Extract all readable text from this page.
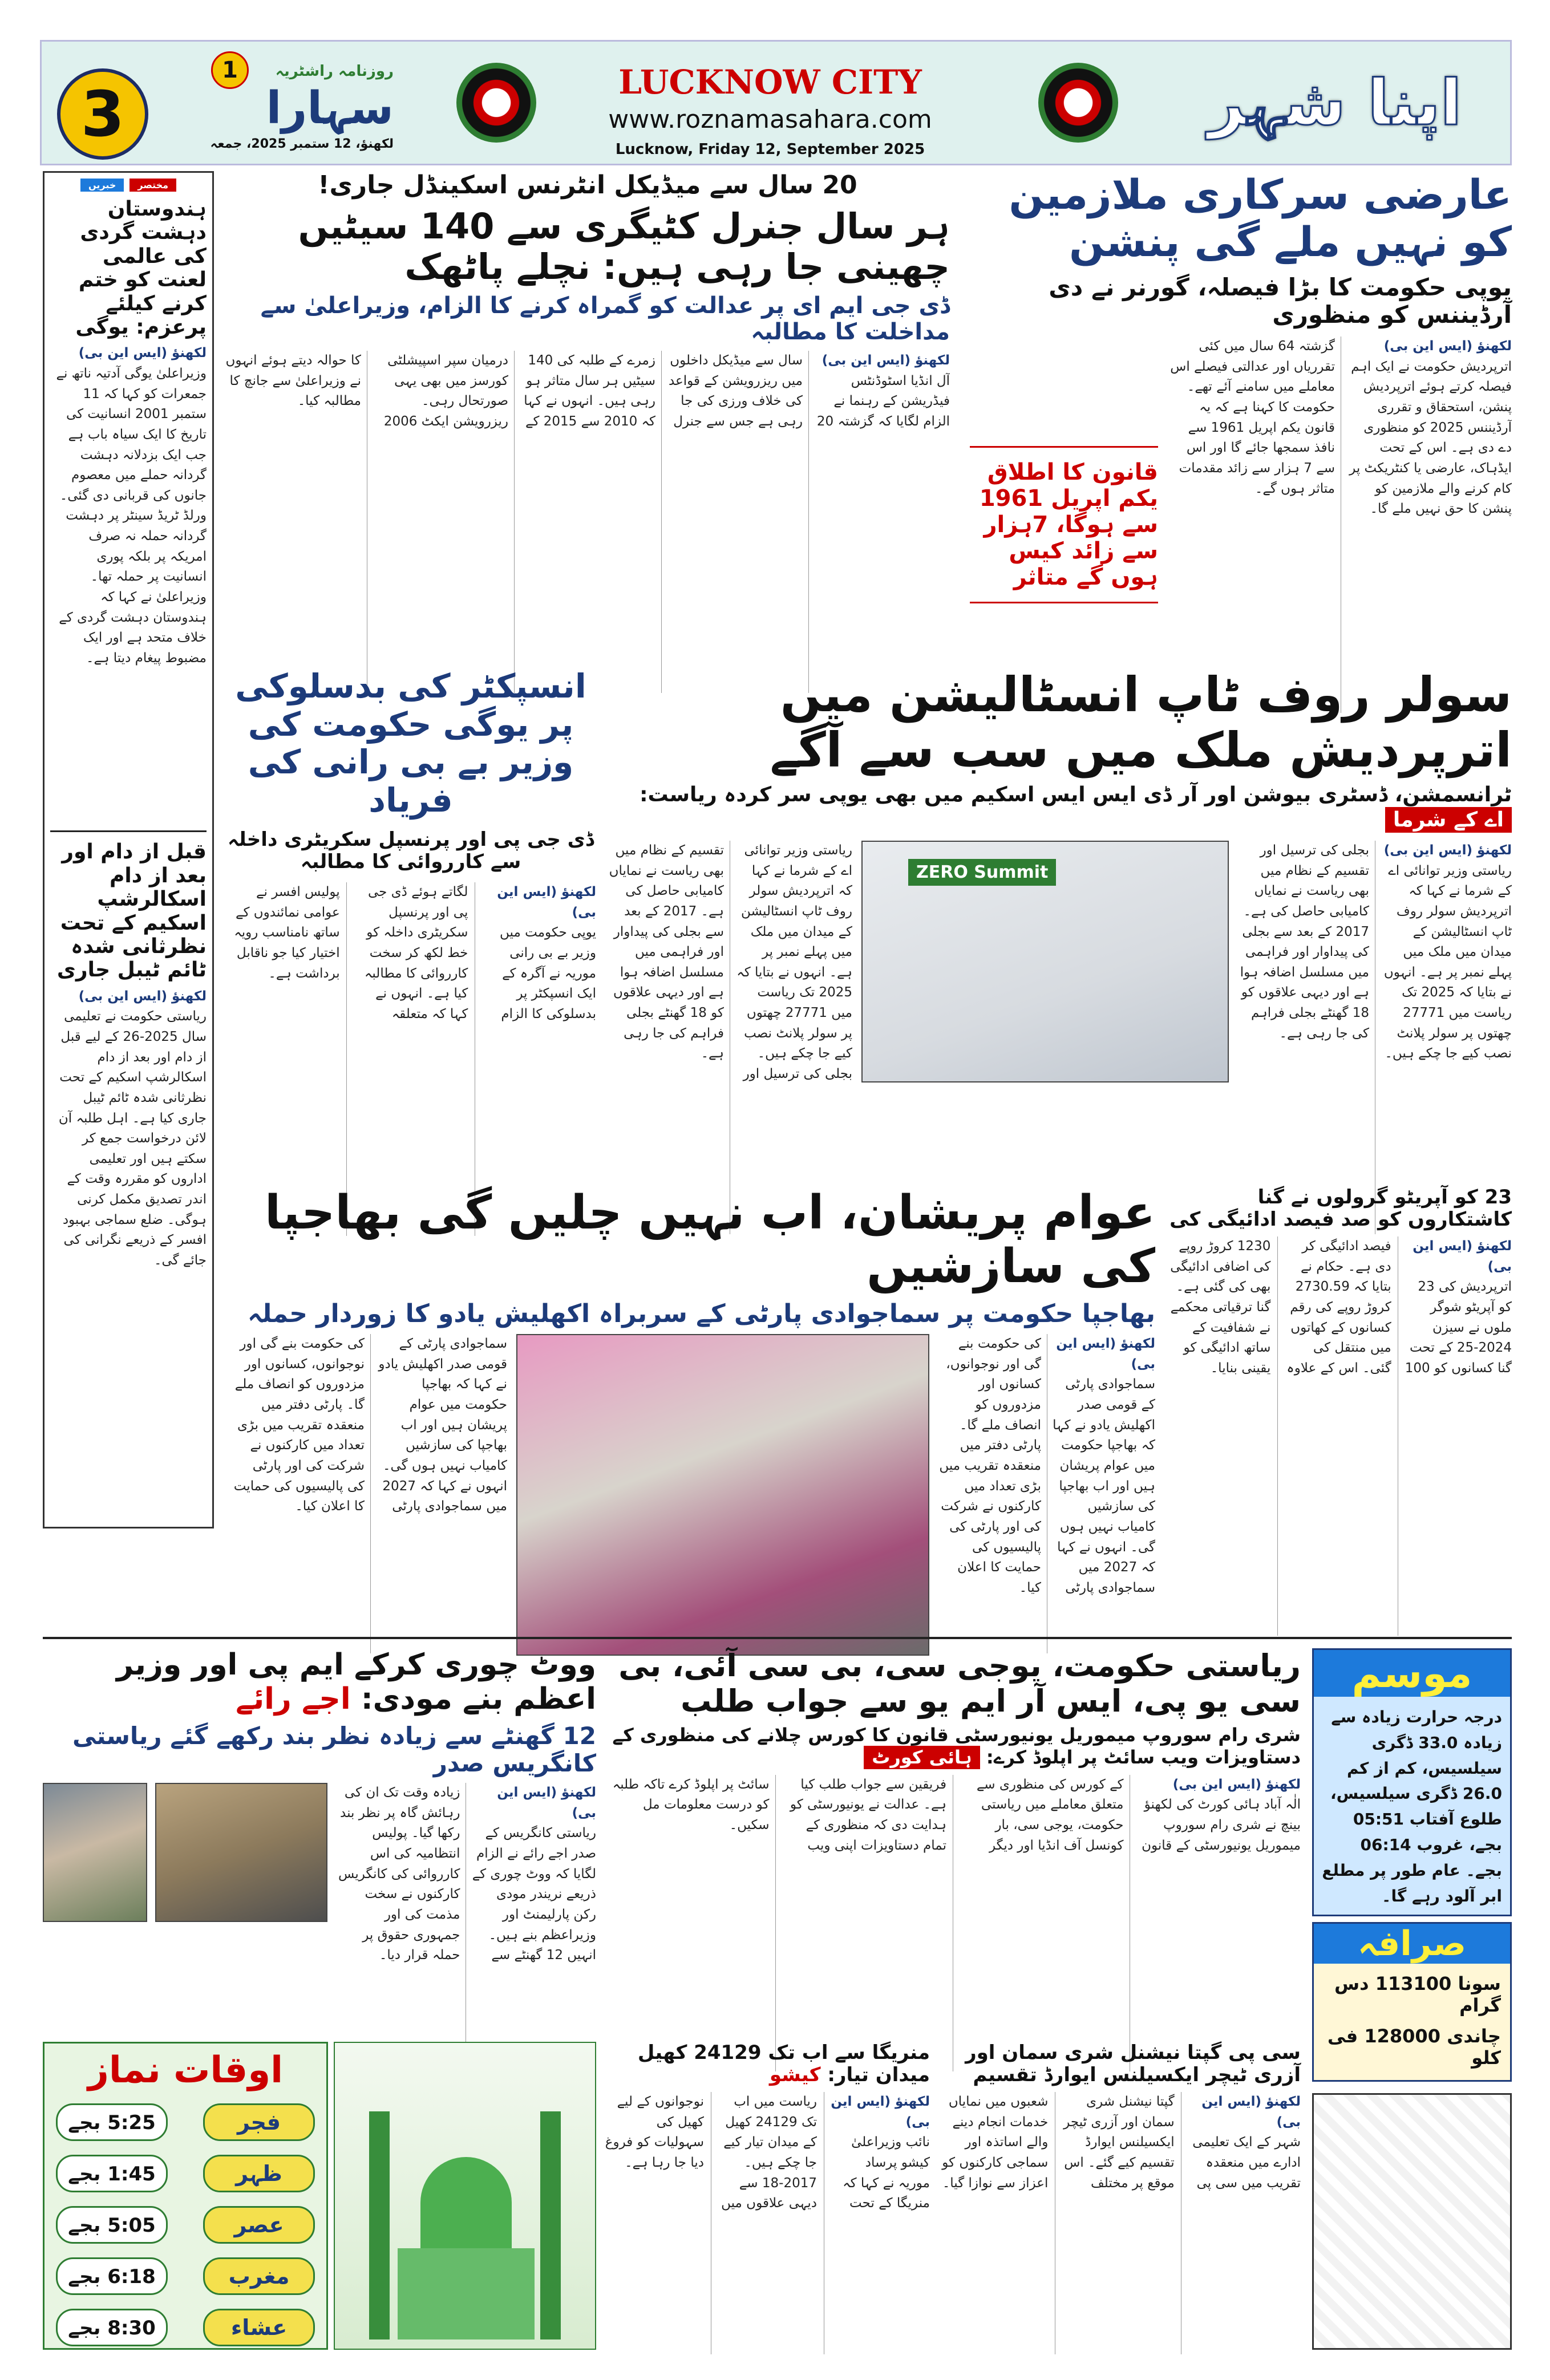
3
1	روزنامہ راشٹریہ
سہارا
لکھنؤ، 12 ستمبر 2025، جمعہ
LUCKNOW CITY
www.roznamasahara.com
Lucknow, Friday 12, September 2025
اپنا شہر
مختصر
خبریں
ہندوستان دہشت گردی کی عالمی لعنت کو ختم کرنے کیلئے پرعزم: یوگی
لکھنؤ (ایس این بی)
وزیراعلیٰ یوگی آدتیہ ناتھ نے جمعرات کو کہا کہ 11 ستمبر 2001 انسانیت کی تاریخ کا ایک سیاہ باب ہے جب ایک بزدلانہ دہشت گردانہ حملے میں معصوم جانوں کی قربانی دی گئی۔ ورلڈ ٹریڈ سینٹر پر دہشت گردانہ حملہ نہ صرف امریکہ پر بلکہ پوری انسانیت پر حملہ تھا۔ وزیراعلیٰ نے کہا کہ ہندوستان دہشت گردی کے خلاف متحد ہے اور ایک مضبوط پیغام دیتا ہے۔
قبل از دام اور بعد از دام اسکالرشپ اسکیم کے تحت نظرثانی شدہ ٹائم ٹیبل جاری
لکھنؤ (ایس این بی)
ریاستی حکومت نے تعلیمی سال 2025-26 کے لیے قبل از دام اور بعد از دام اسکالرشپ اسکیم کے تحت نظرثانی شدہ ٹائم ٹیبل جاری کیا ہے۔ اہل طلبہ آن لائن درخواست جمع کر سکتے ہیں اور تعلیمی اداروں کو مقررہ وقت کے اندر تصدیق مکمل کرنی ہوگی۔ ضلع سماجی بہبود افسر کے ذریعے نگرانی کی جائے گی۔
عارضی سرکاری ملازمین کو نہیں ملے گی پنشن
یوپی حکومت کا بڑا فیصلہ، گورنر نے دی آرڈیننس کو منظوری
لکھنؤ (ایس این بی)
اترپردیش حکومت نے ایک اہم فیصلہ کرتے ہوئے اترپردیش پنشن، استحقاق و تقرری آرڈیننس 2025 کو منظوری دے دی ہے۔ اس کے تحت ایڈہاک، عارضی یا کنٹریکٹ پر کام کرنے والے ملازمین کو پنشن کا حق نہیں ملے گا۔ گزشتہ 64 سال میں کئی تقرریاں اور عدالتی فیصلے اس معاملے میں سامنے آئے تھے۔ حکومت کا کہنا ہے کہ یہ قانون یکم اپریل 1961 سے نافذ سمجھا جائے گا اور اس سے 7 ہزار سے زائد مقدمات متاثر ہوں گے۔
قانون کا اطلاق یکم اپریل 1961 سے ہوگا، 7ہزار سے زائد کیس ہوں گے متاثر
20 سال سے میڈیکل انٹرنس اسکینڈل جاری!
ہر سال جنرل کٹیگری سے 140 سیٹیں چھینی جا رہی ہیں: نچلے پاٹھک
ڈی جی ایم ای پر عدالت کو گمراہ کرنے کا الزام، وزیراعلیٰ سے مداخلت کا مطالبہ
لکھنؤ (ایس این بی)
آل انڈیا اسٹوڈنٹس فیڈریشن کے رہنما نے الزام لگایا کہ گزشتہ 20 سال سے میڈیکل داخلوں میں ریزرویشن کے قواعد کی خلاف ورزی کی جا رہی ہے جس سے جنرل زمرے کے طلبہ کی 140 سیٹیں ہر سال متاثر ہو رہی ہیں۔ انہوں نے کہا کہ 2010 سے 2015 کے درمیان سپر اسپیشلٹی کورسز میں بھی یہی صورتحال رہی۔ ریزرویشن ایکٹ 2006 کا حوالہ دیتے ہوئے انہوں نے وزیراعلیٰ سے جانچ کا مطالبہ کیا۔
سولر روف ٹاپ انسٹالیشن میں اترپردیش ملک میں سب سے آگے
ٹرانسمشن، ڈسٹری بیوشن اور آر ڈی ایس ایس اسکیم میں بھی یوپی سر کردہ ریاست: اے کے شرما
لکھنؤ (ایس این بی)
ریاستی وزیر توانائی اے کے شرما نے کہا کہ اترپردیش سولر روف ٹاپ انسٹالیشن کے میدان میں ملک میں پہلے نمبر پر ہے۔ انہوں نے بتایا کہ 2025 تک ریاست میں 27771 چھتوں پر سولر پلانٹ نصب کیے جا چکے ہیں۔ بجلی کی ترسیل اور تقسیم کے نظام میں بھی ریاست نے نمایاں کامیابی حاصل کی ہے۔ 2017 کے بعد سے بجلی کی پیداوار اور فراہمی میں مسلسل اضافہ ہوا ہے اور دیہی علاقوں کو 18 گھنٹے بجلی فراہم کی جا رہی ہے۔
ZERO Summit
ریاستی وزیر توانائی اے کے شرما نے کہا کہ اترپردیش سولر روف ٹاپ انسٹالیشن کے میدان میں ملک میں پہلے نمبر پر ہے۔ انہوں نے بتایا کہ 2025 تک ریاست میں 27771 چھتوں پر سولر پلانٹ نصب کیے جا چکے ہیں۔ بجلی کی ترسیل اور تقسیم کے نظام میں بھی ریاست نے نمایاں کامیابی حاصل کی ہے۔ 2017 کے بعد سے بجلی کی پیداوار اور فراہمی میں مسلسل اضافہ ہوا ہے اور دیہی علاقوں کو 18 گھنٹے بجلی فراہم کی جا رہی ہے۔
انسپکٹر کی بدسلوکی پر یوگی حکومت کی وزیر بے بی رانی کی فریاد
ڈی جی پی اور پرنسپل سکریٹری داخلہ سے کارروائی کا مطالبہ
لکھنؤ (ایس این بی)
یوپی حکومت میں وزیر بے بی رانی موریہ نے آگرہ کے ایک انسپکٹر پر بدسلوکی کا الزام لگاتے ہوئے ڈی جی پی اور پرنسپل سکریٹری داخلہ کو خط لکھ کر سخت کارروائی کا مطالبہ کیا ہے۔ انہوں نے کہا کہ متعلقہ پولیس افسر نے عوامی نمائندوں کے ساتھ نامناسب رویہ اختیار کیا جو ناقابل برداشت ہے۔
23 کو آپریٹو گرولوں نے گنا کاشتکاروں کو صد فیصد ادائیگی کی
لکھنؤ (ایس این بی)
اترپردیش کی 23 کو آپریٹو شوگر ملوں نے سیزن 2024-25 کے تحت گنا کسانوں کو 100 فیصد ادائیگی کر دی ہے۔ حکام نے بتایا کہ 2730.59 کروڑ روپے کی رقم کسانوں کے کھاتوں میں منتقل کی گئی۔ اس کے علاوہ 1230 کروڑ روپے کی اضافی ادائیگی بھی کی گئی ہے۔ گنا ترقیاتی محکمے نے شفافیت کے ساتھ ادائیگی کو یقینی بنایا۔
عوام پریشان، اب نہیں چلیں گی بھاجپا کی سازشیں
بھاجپا حکومت پر سماجوادی پارٹی کے سربراہ اکھلیش یادو کا زوردار حملہ
لکھنؤ (ایس این بی)
سماجوادی پارٹی کے قومی صدر اکھلیش یادو نے کہا کہ بھاجپا حکومت میں عوام پریشان ہیں اور اب بھاجپا کی سازشیں کامیاب نہیں ہوں گی۔ انہوں نے کہا کہ 2027 میں سماجوادی پارٹی کی حکومت بنے گی اور نوجوانوں، کسانوں اور مزدوروں کو انصاف ملے گا۔ پارٹی دفتر میں منعقدہ تقریب میں بڑی تعداد میں کارکنوں نے شرکت کی اور پارٹی کی پالیسیوں کی حمایت کا اعلان کیا۔
سماجوادی پارٹی کے قومی صدر اکھلیش یادو نے کہا کہ بھاجپا حکومت میں عوام پریشان ہیں اور اب بھاجپا کی سازشیں کامیاب نہیں ہوں گی۔ انہوں نے کہا کہ 2027 میں سماجوادی پارٹی کی حکومت بنے گی اور نوجوانوں، کسانوں اور مزدوروں کو انصاف ملے گا۔ پارٹی دفتر میں منعقدہ تقریب میں بڑی تعداد میں کارکنوں نے شرکت کی اور پارٹی کی پالیسیوں کی حمایت کا اعلان کیا۔
موسم
درجہ حرارت زیادہ سے زیادہ 33.0 ڈگری سیلسیس، کم از کم 26.0 ڈگری سیلسیس، طلوع آفتاب 05:51 بجے، غروب 06:14 بجے۔ عام طور پر مطلع ابر آلود رہے گا۔
صرافہ
سونا 113100 دس گرام
چاندی 128000 فی کلو
ریاستی حکومت، یوجی سی، بی سی آئی، بی سی یو پی، ایس آر ایم یو سے جواب طلب
شری رام سوروپ میموریل یونیورسٹی قانون کا کورس چلانے کی منظوری کے دستاویزات ویب سائٹ پر اپلوڈ کرے: ہائی کورٹ
لکھنؤ (ایس این بی)
الٰہ آباد ہائی کورٹ کی لکھنؤ بینچ نے شری رام سوروپ میموریل یونیورسٹی کے قانون کے کورس کی منظوری سے متعلق معاملے میں ریاستی حکومت، یوجی سی، بار کونسل آف انڈیا اور دیگر فریقین سے جواب طلب کیا ہے۔ عدالت نے یونیورسٹی کو ہدایت دی کہ منظوری کے تمام دستاویزات اپنی ویب سائٹ پر اپلوڈ کرے تاکہ طلبہ کو درست معلومات مل سکیں۔
ووٹ چوری کرکے ایم پی اور وزیر اعظم بنے مودی: اجے رائے
12 گھنٹے سے زیادہ نظر بند رکھے گئے ریاستی کانگریس صدر
لکھنؤ (ایس این بی)
ریاستی کانگریس کے صدر اجے رائے نے الزام لگایا کہ ووٹ چوری کے ذریعے نریندر مودی رکن پارلیمنٹ اور وزیراعظم بنے ہیں۔ انہیں 12 گھنٹے سے زیادہ وقت تک ان کی رہائش گاہ پر نظر بند رکھا گیا۔ پولیس انتظامیہ کی اس کارروائی کی کانگریس کارکنوں نے سخت مذمت کی اور جمہوری حقوق پر حملہ قرار دیا۔
سی پی گپتا نیشنل شری سمان اور آزری ٹیچر ایکسیلنس ایوارڈ تقسیم
لکھنؤ (ایس این بی)
شہر کے ایک تعلیمی ادارے میں منعقدہ تقریب میں سی پی گپتا نیشنل شری سمان اور آزری ٹیچر ایکسیلنس ایوارڈ تقسیم کیے گئے۔ اس موقع پر مختلف شعبوں میں نمایاں خدمات انجام دینے والے اساتذہ اور سماجی کارکنوں کو اعزاز سے نوازا گیا۔
منریگا سے اب تک 24129 کھیل میدان تیار: کیشو
لکھنؤ (ایس این بی)
نائب وزیراعلیٰ کیشو پرساد موریہ نے کہا کہ منریگا کے تحت ریاست میں اب تک 24129 کھیل کے میدان تیار کیے جا چکے ہیں۔ 2017-18 سے دیہی علاقوں میں نوجوانوں کے لیے کھیل کی سہولیات کو فروغ دیا جا رہا ہے۔
اوقات نماز
فجر
5:25 بجے
ظہر
1:45 بجے
عصر
5:05 بجے
مغرب
6:18 بجے
عشاء
8:30 بجے
